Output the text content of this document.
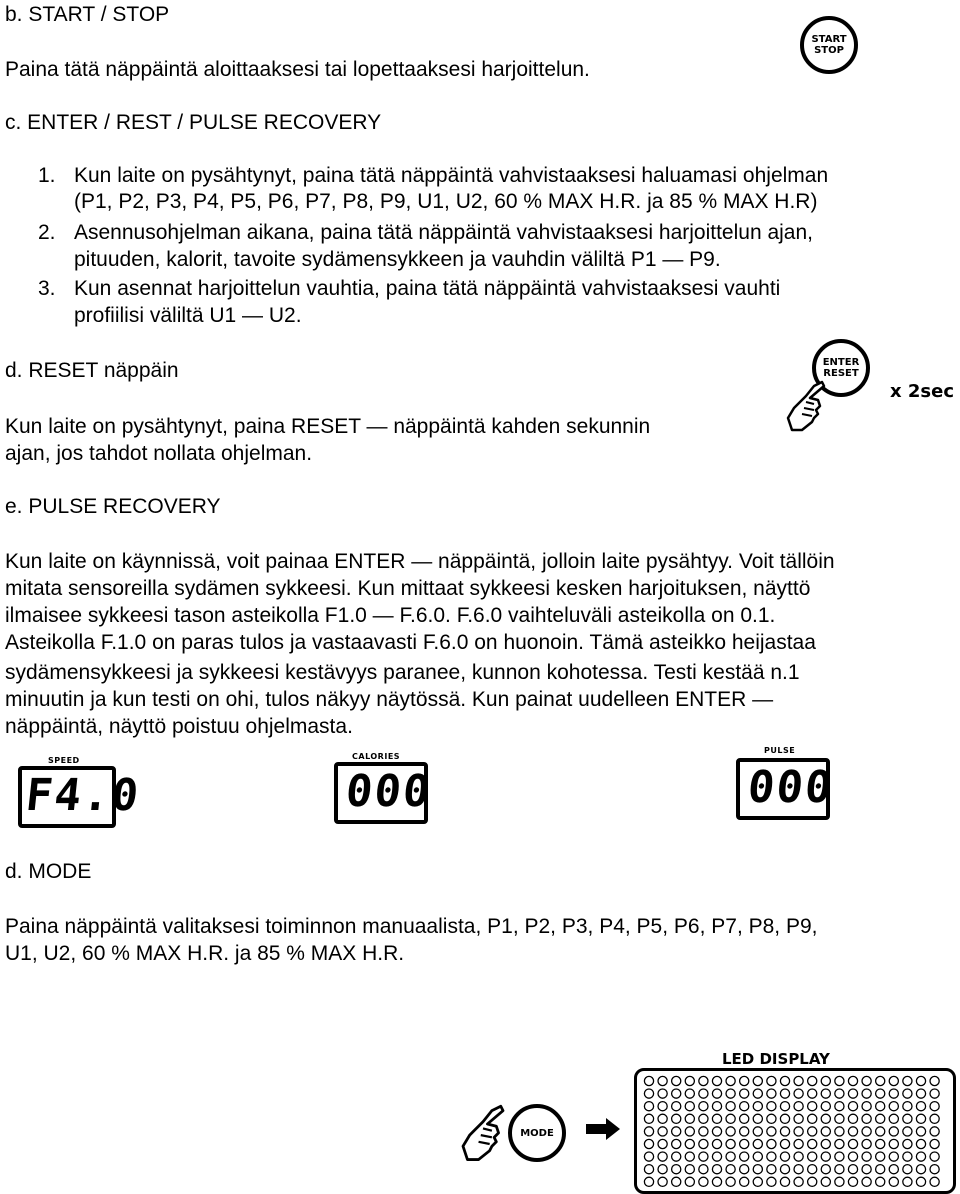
b. START / STOP
Paina tätä näppäintä aloittaaksesi tai lopettaaksesi harjoittelun.
START
STOP
c. ENTER / REST / PULSE RECOVERY
1. Kun laite on pysähtynyt, paina tätä näppäintä vahvistaaksesi haluamasi ohjelman
(P1, P2, P3, P4, P5, P6, P7, P8, P9, U1, U2, 60 % MAX H.R. ja 85 % MAX H.R)
2. Asennusohjelman aikana, paina tätä näppäintä vahvistaaksesi harjoittelun ajan,
pituuden, kalorit, tavoite sydämensykkeen ja vauhdin väliltä P1 — P9.
3. Kun asennat harjoittelun vauhtia, paina tätä näppäintä vahvistaaksesi vauhti
profiilisi väliltä U1 — U2.
d. RESET näppäin
Kun laite on pysähtynyt, paina RESET — näppäintä kahden sekunnin
ajan, jos tahdot nollata ohjelman.
ENTER
RESET
x 2sec
e. PULSE RECOVERY
Kun laite on käynnissä, voit painaa ENTER — näppäintä, jolloin laite pysähtyy. Voit tällöin
mitata sensoreilla sydämen sykkeesi. Kun mittaat sykkeesi kesken harjoituksen, näyttö
ilmaisee sykkeesi tason asteikolla F1.0 — F.6.0. F.6.0 vaihteluväli asteikolla on 0.1.
Asteikolla F.1.0 on paras tulos ja vastaavasti F.6.0 on huonoin. Tämä asteikko heijastaa
sydämensykkeesi ja sykkeesi kestävyys paranee, kunnon kohotessa. Testi kestää n.1
minuutin ja kun testi on ohi, tulos näkyy näytössä. Kun painat uudelleen ENTER —
näppäintä, näyttö poistuu ohjelmasta.
SPEED
F4.0
CALORIES
000
PULSE
000
d. MODE
Paina näppäintä valitaksesi toiminnon manuaalista, P1, P2, P3, P4, P5, P6, P7, P8, P9,
U1, U2, 60 % MAX H.R. ja 85 % MAX H.R.
MODE
LED DISPLAY
